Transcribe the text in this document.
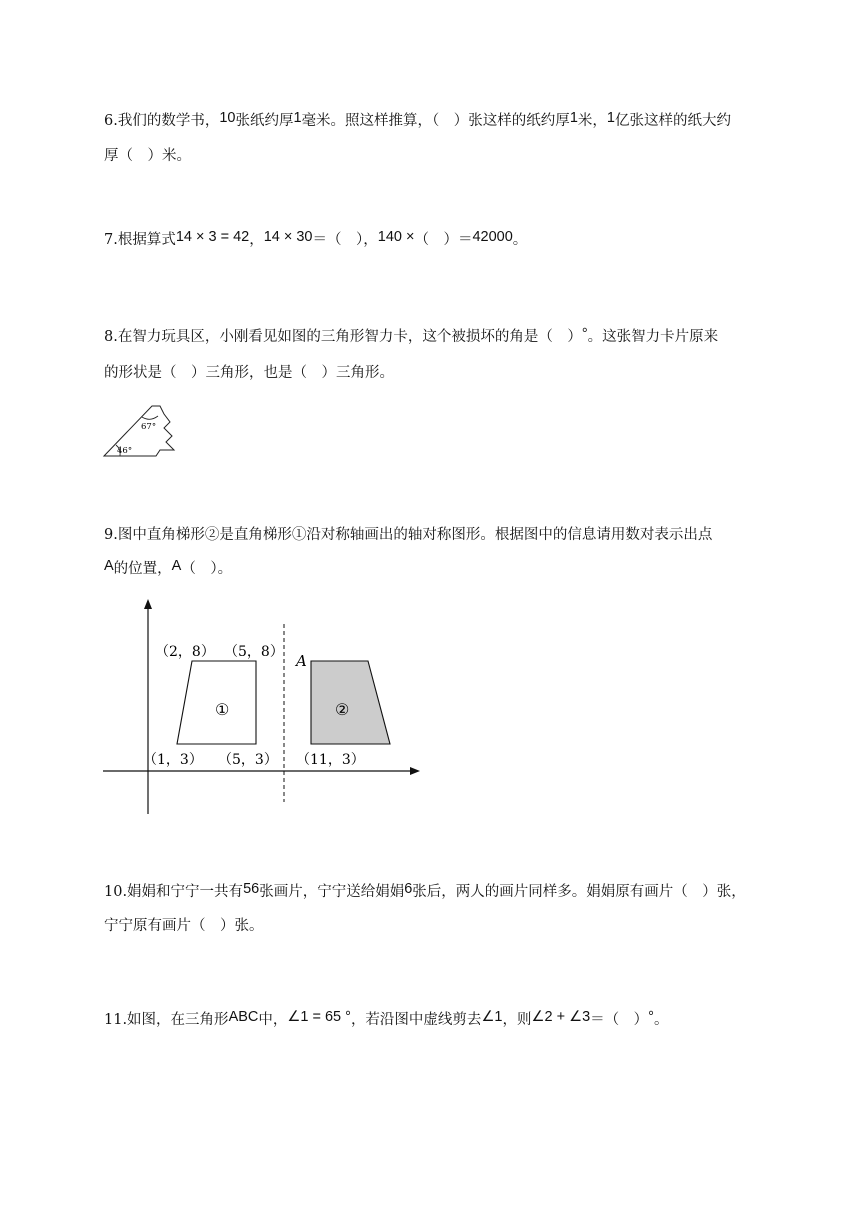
6.我们的数学书，10张纸约厚1毫米。照这样推算，（　）张这样的纸约厚1米，1亿张这样的纸大约
厚（　）米。
7.根据算式14 × 3 = 42，14 × 30＝（　），140 ×（　）＝42000。
8.在智力玩具区，小刚看见如图的三角形智力卡，这个被损坏的角是（　）°。这张智力卡片原来
的形状是（　）三角形，也是（　）三角形。
67°
46°
9.图中直角梯形②是直角梯形①沿对称轴画出的轴对称图形。根据图中的信息请用数对表示出点
A的位置，A（　）。
（2，8） （5，8）
（1，3） （5，3） （11，3）
A
①	②
10.娟娟和宁宁一共有56张画片，宁宁送给娟娟6张后，两人的画片同样多。娟娟原有画片（　）张，
宁宁原有画片（　）张。
11.如图，在三角形ABC中，∠1 = 65 °，若沿图中虚线剪去∠1，则∠2 + ∠3＝（　）°。
